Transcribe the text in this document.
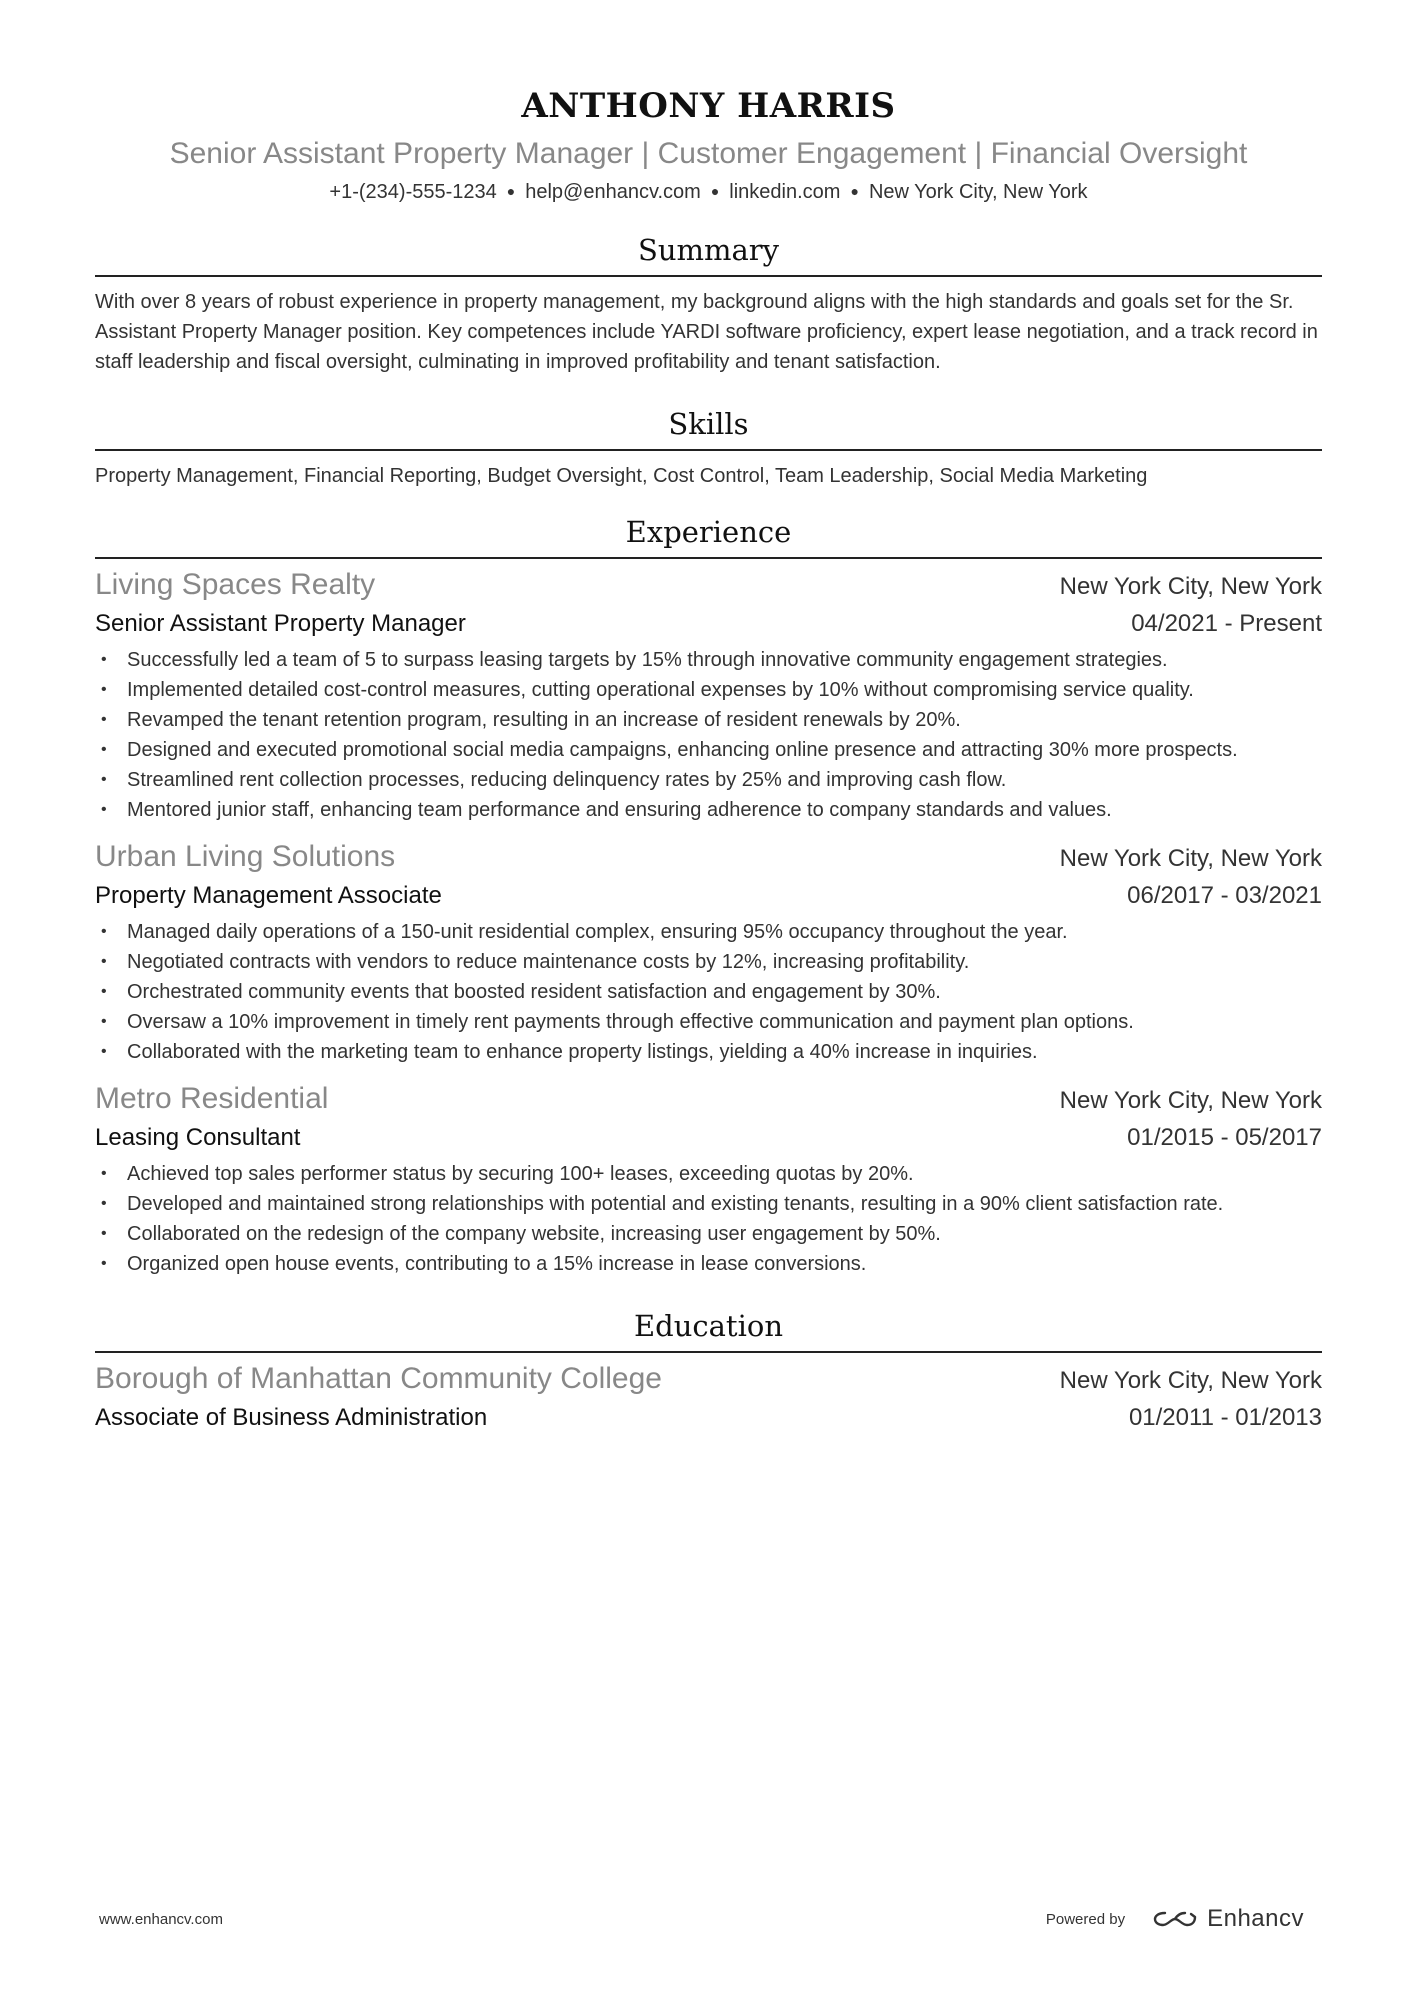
ANTHONY HARRIS
Senior Assistant Property Manager | Customer Engagement | Financial Oversight
+1-(234)-555-1234 ● help@enhancv.com ● linkedin.com ● New York City, New York
Summary
With over 8 years of robust experience in property management, my background aligns with the high standards and goals set for the Sr. Assistant Property Manager position. Key competences include YARDI software proficiency, expert lease negotiation, and a track record in staff leadership and fiscal oversight, culminating in improved profitability and tenant satisfaction.
Skills
Property Management, Financial Reporting, Budget Oversight, Cost Control, Team Leadership, Social Media Marketing
Experience
Living Spaces Realty	New York City, New York
Senior Assistant Property Manager	04/2021 - Present
• Successfully led a team of 5 to surpass leasing targets by 15% through innovative community engagement strategies.
• Implemented detailed cost-control measures, cutting operational expenses by 10% without compromising service quality.
• Revamped the tenant retention program, resulting in an increase of resident renewals by 20%.
• Designed and executed promotional social media campaigns, enhancing online presence and attracting 30% more prospects.
• Streamlined rent collection processes, reducing delinquency rates by 25% and improving cash flow.
• Mentored junior staff, enhancing team performance and ensuring adherence to company standards and values.
Urban Living Solutions	New York City, New York
Property Management Associate	06/2017 - 03/2021
• Managed daily operations of a 150-unit residential complex, ensuring 95% occupancy throughout the year.
• Negotiated contracts with vendors to reduce maintenance costs by 12%, increasing profitability.
• Orchestrated community events that boosted resident satisfaction and engagement by 30%.
• Oversaw a 10% improvement in timely rent payments through effective communication and payment plan options.
• Collaborated with the marketing team to enhance property listings, yielding a 40% increase in inquiries.
Metro Residential	New York City, New York
Leasing Consultant	01/2015 - 05/2017
• Achieved top sales performer status by securing 100+ leases, exceeding quotas by 20%.
• Developed and maintained strong relationships with potential and existing tenants, resulting in a 90% client satisfaction rate.
• Collaborated on the redesign of the company website, increasing user engagement by 50%.
• Organized open house events, contributing to a 15% increase in lease conversions.
Education
Borough of Manhattan Community College	New York City, New York
Associate of Business Administration	01/2011 - 01/2013
www.enhancv.com	Powered by	Enhancv
